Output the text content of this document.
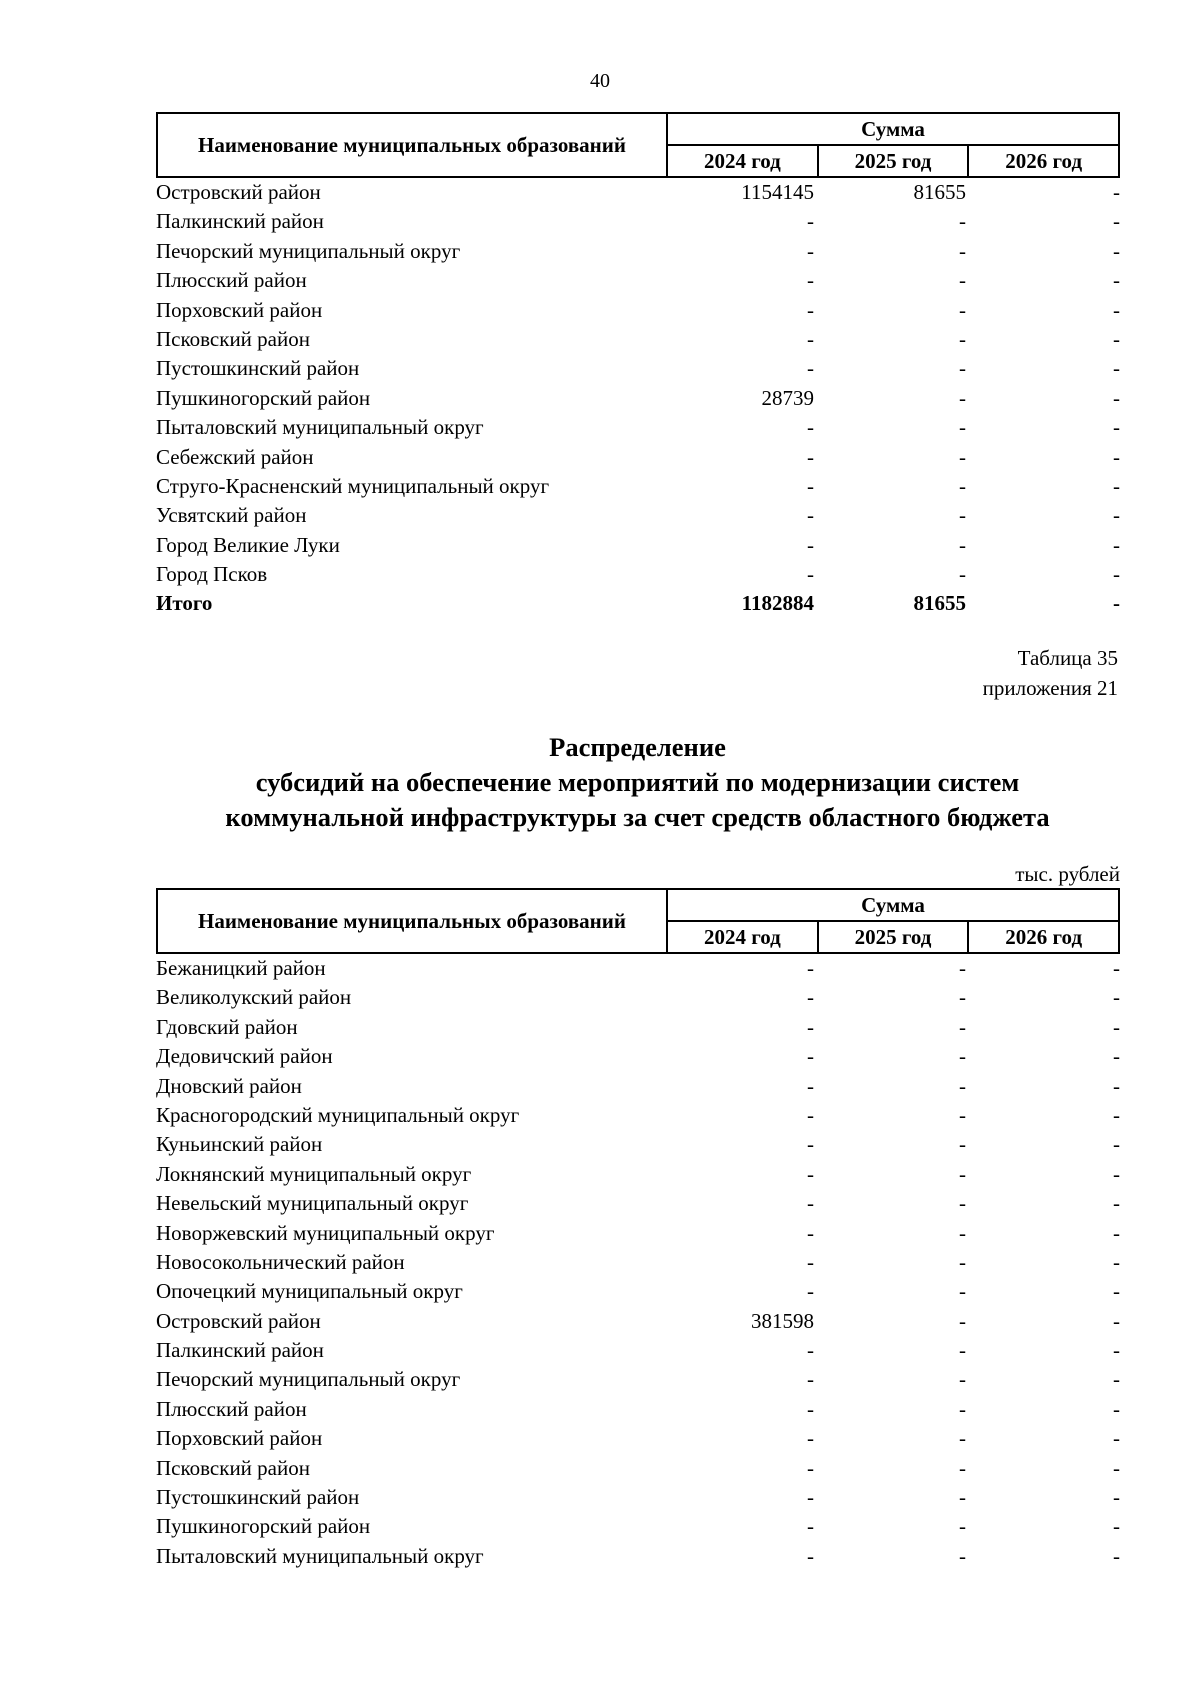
40
Наименование муниципальных образований
Сумма
2024 год	2025 год	2026 год
Островский район	1154145	81655	-
Палкинский район	-	-	-
Печорский муниципальный округ	-	-	-
Плюсский район	-	-	-
Порховский район	-	-	-
Псковский район	-	-	-
Пустошкинский район	-	-	-
Пушкиногорский район	28739	-	-
Пыталовский муниципальный округ	-	-	-
Себежский район	-	-	-
Струго-Красненский муниципальный округ	-	-	-
Усвятский район	-	-	-
Город Великие Луки	-	-	-
Город Псков	-	-	-
Итого	1182884	81655	-
Таблица 35
приложения 21
Распределение
субсидий на обеспечение мероприятий по модернизации систем
коммунальной инфраструктуры за счет средств областного бюджета
тыс. рублей
Наименование муниципальных образований
Сумма
2024 год	2025 год	2026 год
Бежаницкий район	-	-	-
Великолукский район	-	-	-
Гдовский район	-	-	-
Дедовичский район	-	-	-
Дновский район	-	-	-
Красногородский муниципальный округ	-	-	-
Куньинский район	-	-	-
Локнянский муниципальный округ	-	-	-
Невельский муниципальный округ	-	-	-
Новоржевский муниципальный округ	-	-	-
Новосокольнический район	-	-	-
Опочецкий муниципальный округ	-	-	-
Островский район	381598	-	-
Палкинский район	-	-	-
Печорский муниципальный округ	-	-	-
Плюсский район	-	-	-
Порховский район	-	-	-
Псковский район	-	-	-
Пустошкинский район	-	-	-
Пушкиногорский район	-	-	-
Пыталовский муниципальный округ	-	-	-
